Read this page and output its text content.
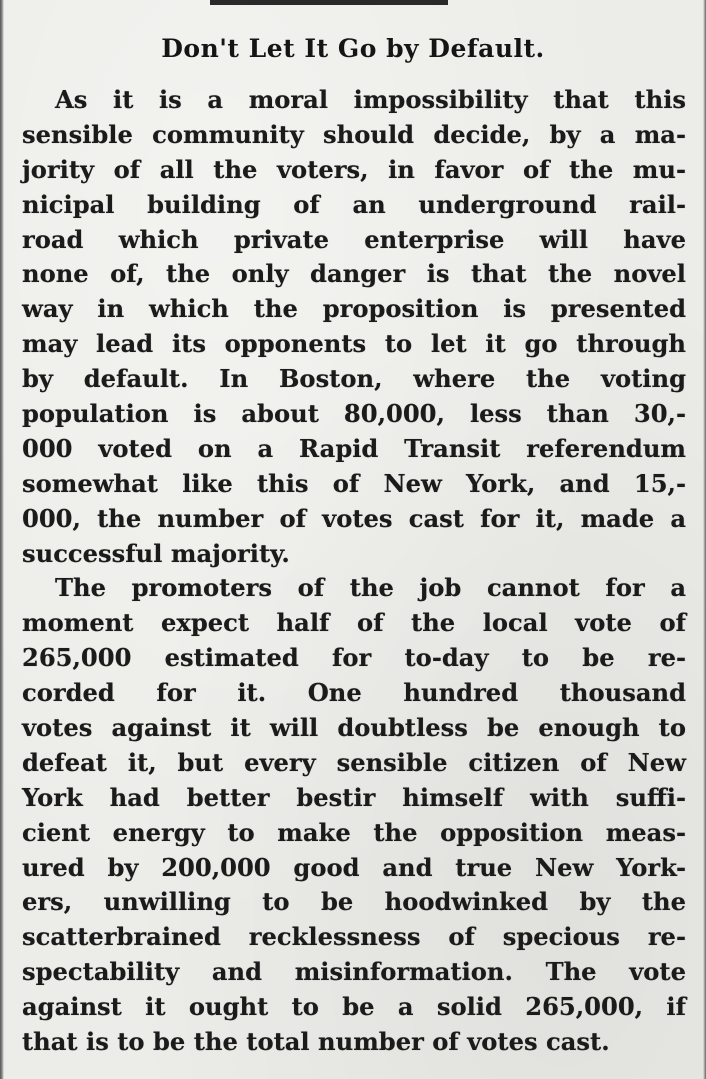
Don't Let It Go by Default.
As it is a moral impossibility that this
sensible community should decide, by a ma-
jority of all the voters, in favor of the mu-
nicipal building of an underground rail-
road which private enterprise will have
none of, the only danger is that the novel
way in which the proposition is presented
may lead its opponents to let it go through
by default. In Boston, where the voting
population is about 80,000, less than 30,-
000 voted on a Rapid Transit referendum
somewhat like this of New York, and 15,-
000, the number of votes cast for it, made a
successful majority.
The promoters of the job cannot for a
moment expect half of the local vote of
265,000 estimated for to-day to be re-
corded for it. One hundred thousand
votes against it will doubtless be enough to
defeat it, but every sensible citizen of New
York had better bestir himself with suffi-
cient energy to make the opposition meas-
ured by 200,000 good and true New York-
ers, unwilling to be hoodwinked by the
scatterbrained recklessness of specious re-
spectability and misinformation. The vote
against it ought to be a solid 265,000, if
that is to be the total number of votes cast.
